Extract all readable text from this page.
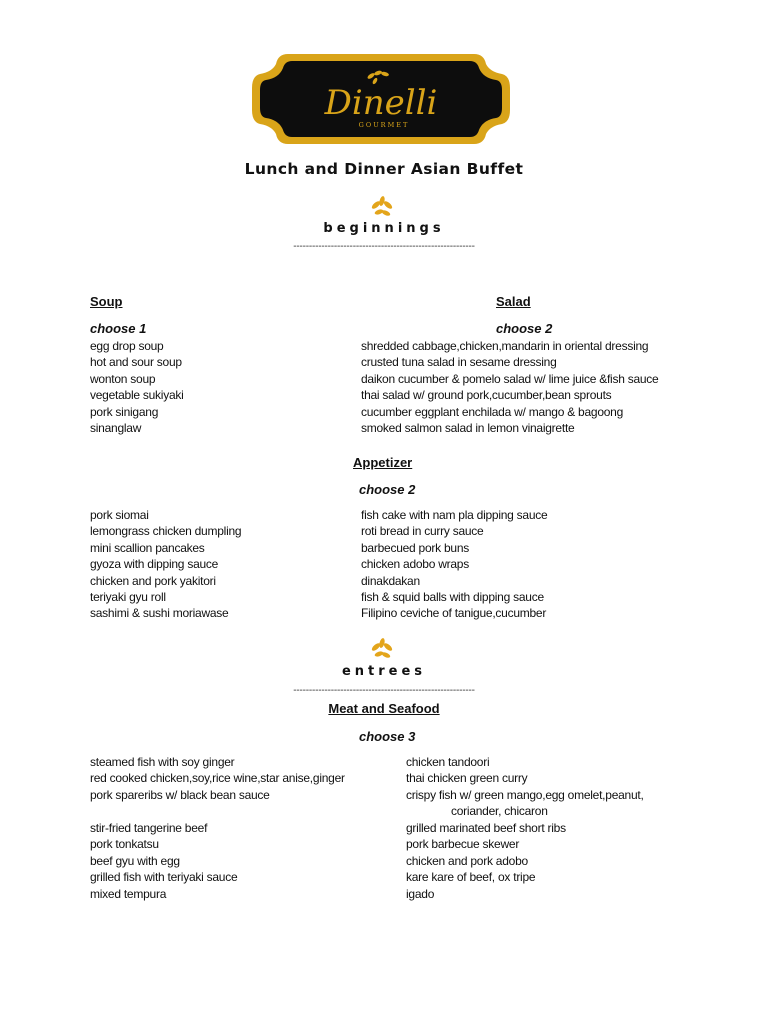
Dinelli
GOURMET
Lunch and Dinner Asian Buffet
beginnings
----------------------------------------------------------
Soup
choose 1
egg drop soup
hot and sour soup
wonton soup
vegetable sukiyaki
pork sinigang
sinanglaw
Salad
choose 2
shredded cabbage,chicken,mandarin in oriental dressing
crusted tuna salad in sesame dressing
daikon cucumber & pomelo salad w/ lime juice &fish sauce
thai salad w/ ground pork,cucumber,bean sprouts
cucumber eggplant enchilada w/ mango & bagoong
smoked salmon salad in lemon vinaigrette
Appetizer
choose 2
pork siomai
lemongrass chicken dumpling
mini scallion pancakes
gyoza with dipping sauce
chicken and pork yakitori
teriyaki gyu roll
sashimi & sushi moriawase
fish cake with nam pla dipping sauce
roti bread in curry sauce
barbecued pork buns
chicken adobo wraps
dinakdakan
fish & squid balls with dipping sauce
Filipino ceviche of tanigue,cucumber
entrees
----------------------------------------------------------
Meat and Seafood
choose 3
steamed fish with soy ginger
red cooked chicken,soy,rice wine,star anise,ginger
pork spareribs w/ black bean sauce
stir-fried tangerine beef
pork tonkatsu
beef gyu with egg
grilled fish with teriyaki sauce
mixed tempura
chicken tandoori
thai chicken green curry
crispy fish w/ green mango,egg omelet,peanut,
coriander, chicaron
grilled marinated beef short ribs
pork barbecue skewer
chicken and pork adobo
kare kare of beef, ox tripe
igado
